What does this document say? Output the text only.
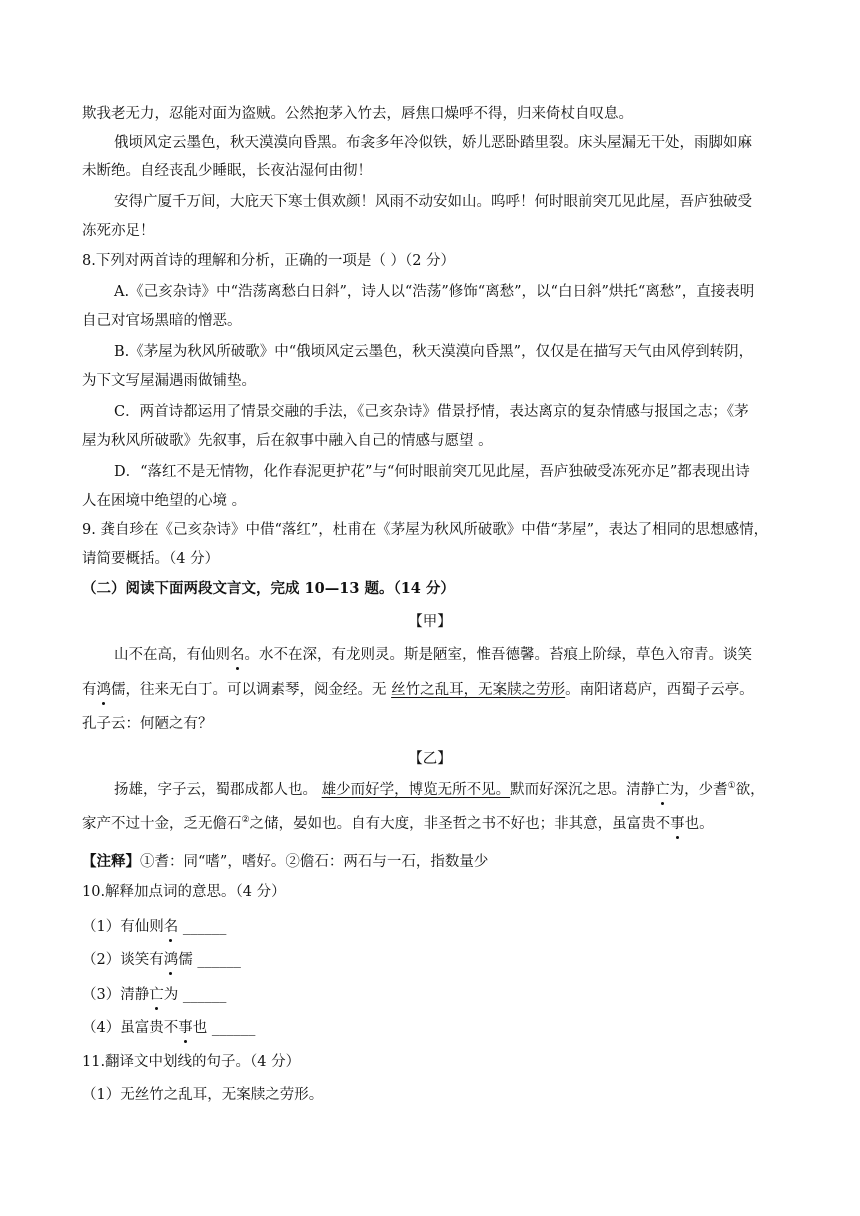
欺我老无力，忍能对面为盗贼。公然抱茅入竹去，唇焦口燥呼不得，归来倚杖自叹息。
俄顷风定云墨色，秋天漠漠向昏黑。布衾多年冷似铁，娇儿恶卧踏里裂。床头屋漏无干处，雨脚如麻
未断绝。自经丧乱少睡眠，长夜沾湿何由彻！
安得广厦千万间，大庇天下寒士俱欢颜！风雨不动安如山。呜呼！何时眼前突兀见此屋，吾庐独破受
冻死亦足！
8.下列对两首诗的理解和分析，正确的一项是（ ）（2 分）
A.《己亥杂诗》中“浩荡离愁白日斜”，诗人以“浩荡”修饰“离愁”，以“白日斜”烘托“离愁”，直接表明
自己对官场黑暗的憎恶。
B.《茅屋为秋风所破歌》中“俄顷风定云墨色，秋天漠漠向昏黑”，仅仅是在描写天气由风停到转阴，
为下文写屋漏遇雨做铺垫。
C．两首诗都运用了情景交融的手法，《己亥杂诗》借景抒情，表达离京的复杂情感与报国之志；《茅
屋为秋风所破歌》先叙事，后在叙事中融入自己的情感与愿望 。
D．“落红不是无情物，化作春泥更护花”与“何时眼前突兀见此屋，吾庐独破受冻死亦足”都表现出诗
人在困境中绝望的心境 。
9. 龚自珍在《己亥杂诗》中借“落红”，杜甫在《茅屋为秋风所破歌》中借“茅屋”，表达了相同的思想感情，
请简要概括。（4 分）
（二）阅读下面两段文言文，完成 10—13 题。（14 分）
【甲】
山不在高，有仙则名。水不在深，有龙则灵。斯是陋室，惟吾德馨。苔痕上阶绿，草色入帘青。谈笑
有鸿儒，往来无白丁。可以调素琴，阅金经。无 丝竹之乱耳，无案牍之劳形。南阳诸葛庐，西蜀子云亭。
孔子云：何陋之有？
【乙】
扬雄，字子云，蜀郡成都人也。 雄少而好学，博览无所不见。默而好深沉之思。清静亡为，少耆①欲，
家产不过十金，乏无儋石②之储，晏如也。自有大度，非圣哲之书不好也；非其意，虽富贵不事也。
【注释】①耆：同“嗜”，嗜好。②儋石：两石与一石，指数量少
10.解释加点词的意思。（4 分）
（1）有仙则名 ______
（2）谈笑有鸿儒 ______
（3）清静亡为 ______
（4）虽富贵不事也 ______
11.翻译文中划线的句子。（4 分）
（1）无丝竹之乱耳，无案牍之劳形。
